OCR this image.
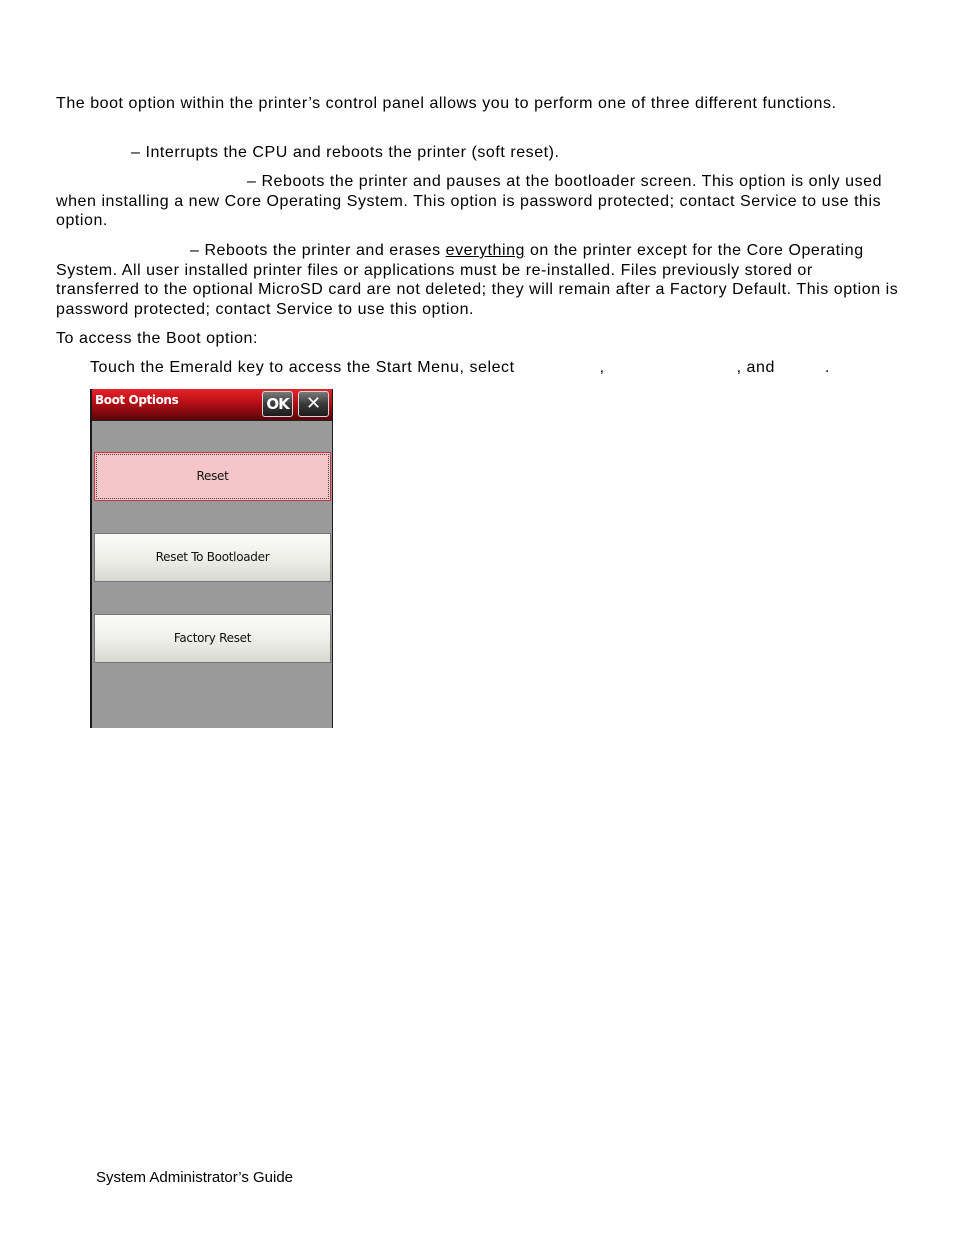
The boot option within the printer’s control panel allows you to perform one of three different functions.

– Interrupts the CPU and reboots the printer (soft reset).

– Reboots the printer and pauses at the bootloader screen. This option is only used when installing a new Core Operating System. This option is password protected; contact Service to use this option.

– Reboots the printer and erases everything on the printer except for the Core Operating System. All user installed printer files or applications must be re-installed. Files previously stored or transferred to the optional MicroSD card are not deleted; they will remain after a Factory Default. This option is password protected; contact Service to use this option.

To access the Boot option:

Touch the Emerald key to access the Start Menu, select	,	, and	.

Boot Options	OK ✕
Reset
Reset To Bootloader
Factory Reset

System Administrator’s Guide
